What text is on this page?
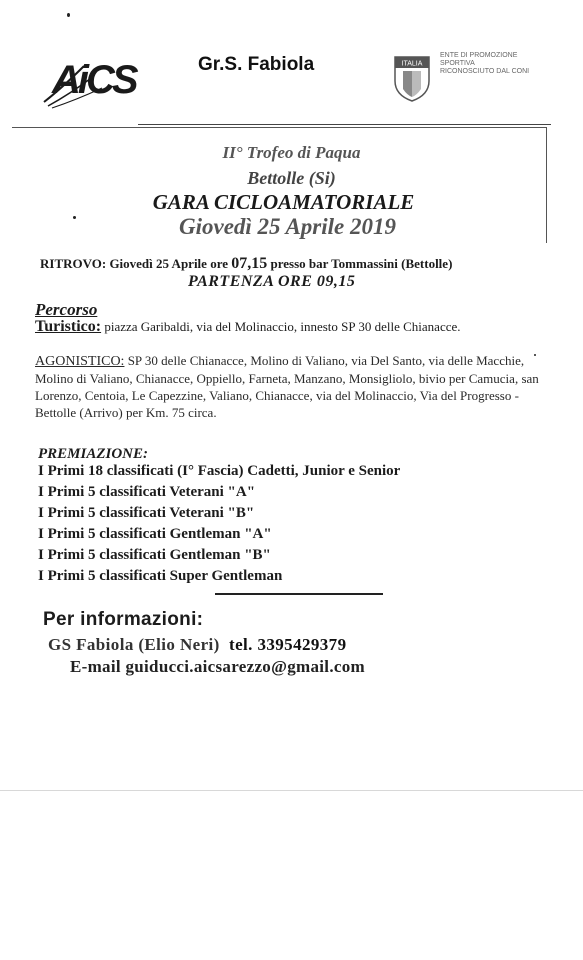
AiCS	Gr.S. Fabiola	ITALIA
ENTE DI PROMOZIONE SPORTIVA RICONOSCIUTO DAL CONI
II° Trofeo di Paqua
Bettolle (Si)
GARA CICLOAMATORIALE
Giovedì 25 Aprile 2019
RITROVO: Giovedì 25 Aprile ore 07,15 presso bar Tommassini (Bettolle)
PARTENZA ORE 09,15
Percorso
Turistico: piazza Garibaldi, via del Molinaccio, innesto SP 30 delle Chianacce.
AGONISTICO: SP 30 delle Chianacce, Molino di Valiano, via Del Santo, via delle Macchie, Molino di Valiano, Chianacce, Oppiello, Farneta, Manzano, Monsigliolo, bivio per Camucia, san Lorenzo, Centoia, Le Capezzine, Valiano, Chianacce, via del Molinaccio, Via del Progresso - Bettolle (Arrivo) per Km. 75 circa.
PREMIAZIONE:
I Primi 18 classificati (I° Fascia) Cadetti, Junior e Senior
I Primi 5 classificati Veterani "A"
I Primi 5 classificati Veterani "B"
I Primi 5 classificati Gentleman "A"
I Primi 5 classificati Gentleman "B"
I Primi 5 classificati Super Gentleman
Per informazioni:
GS Fabiola (Elio Neri) tel. 3395429379
E-mail guiducci.aicsarezzo@gmail.com
